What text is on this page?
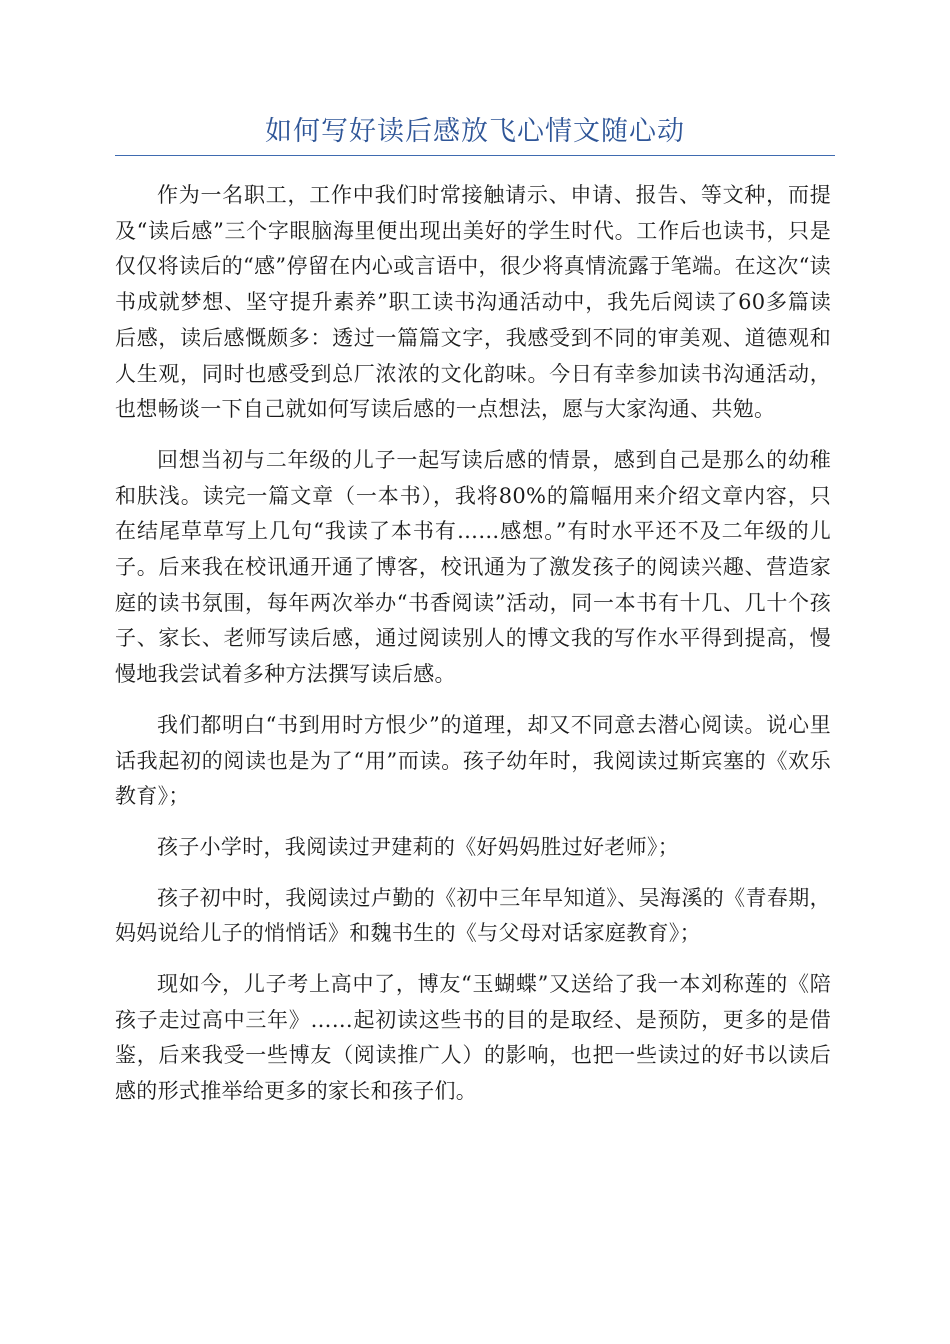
如何写好读后感放飞心情文随心动

作为一名职工，工作中我们时常接触请示、申请、报告、等文种，而提及“读后感”三个字眼脑海里便出现出美好的学生时代。工作后也读书，只是仅仅将读后的“感”停留在内心或言语中，很少将真情流露于笔端。在这次“读书成就梦想、坚守提升素养”职工读书沟通活动中，我先后阅读了60多篇读后感，读后感慨颇多：透过一篇篇文字，我感受到不同的审美观、道德观和人生观，同时也感受到总厂浓浓的文化韵味。今日有幸参加读书沟通活动，也想畅谈一下自己就如何写读后感的一点想法，愿与大家沟通、共勉。

回想当初与二年级的儿子一起写读后感的情景，感到自己是那么的幼稚和肤浅。读完一篇文章（一本书），我将80%的篇幅用来介绍文章内容，只在结尾草草写上几句“我读了本书有……感想。”有时水平还不及二年级的儿子。后来我在校讯通开通了博客，校讯通为了激发孩子的阅读兴趣、营造家庭的读书氛围，每年两次举办“书香阅读”活动，同一本书有十几、几十个孩子、家长、老师写读后感，通过阅读别人的博文我的写作水平得到提高，慢慢地我尝试着多种方法撰写读后感。

我们都明白“书到用时方恨少”的道理，却又不同意去潜心阅读。说心里话我起初的阅读也是为了“用”而读。孩子幼年时，我阅读过斯宾塞的《欢乐教育》；

孩子小学时，我阅读过尹建莉的《好妈妈胜过好老师》；

孩子初中时，我阅读过卢勤的《初中三年早知道》、吴海溪的《青春期，妈妈说给儿子的悄悄话》和魏书生的《与父母对话家庭教育》；

现如今，儿子考上高中了，博友“玉蝴蝶”又送给了我一本刘称莲的《陪孩子走过高中三年》……起初读这些书的目的是取经、是预防，更多的是借鉴，后来我受一些博友（阅读推广人）的影响，也把一些读过的好书以读后感的形式推举给更多的家长和孩子们。
